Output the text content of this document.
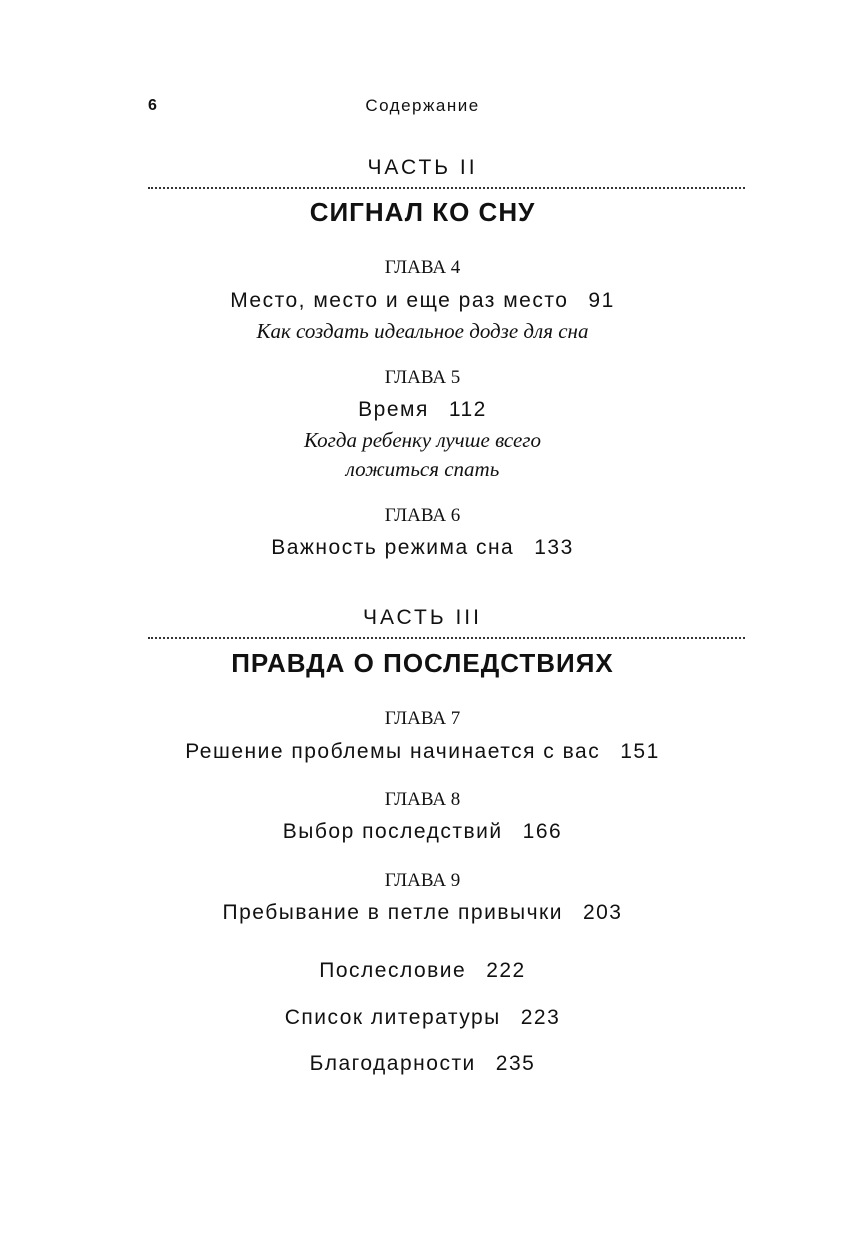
6	Содержание
ЧАСТЬ II
СИГНАЛ КО СНУ
ГЛАВА 4
Место, место и еще раз место 91
Как создать идеальное додзе для сна
ГЛАВА 5
Время 112
Когда ребенку лучше всего
ложиться спать
ГЛАВА 6
Важность режима сна 133
ЧАСТЬ III
ПРАВДА О ПОСЛЕДСТВИЯХ
ГЛАВА 7
Решение проблемы начинается с вас 151
ГЛАВА 8
Выбор последствий 166
ГЛАВА 9
Пребывание в петле привычки 203
Послесловие 222
Список литературы 223
Благодарности 235
